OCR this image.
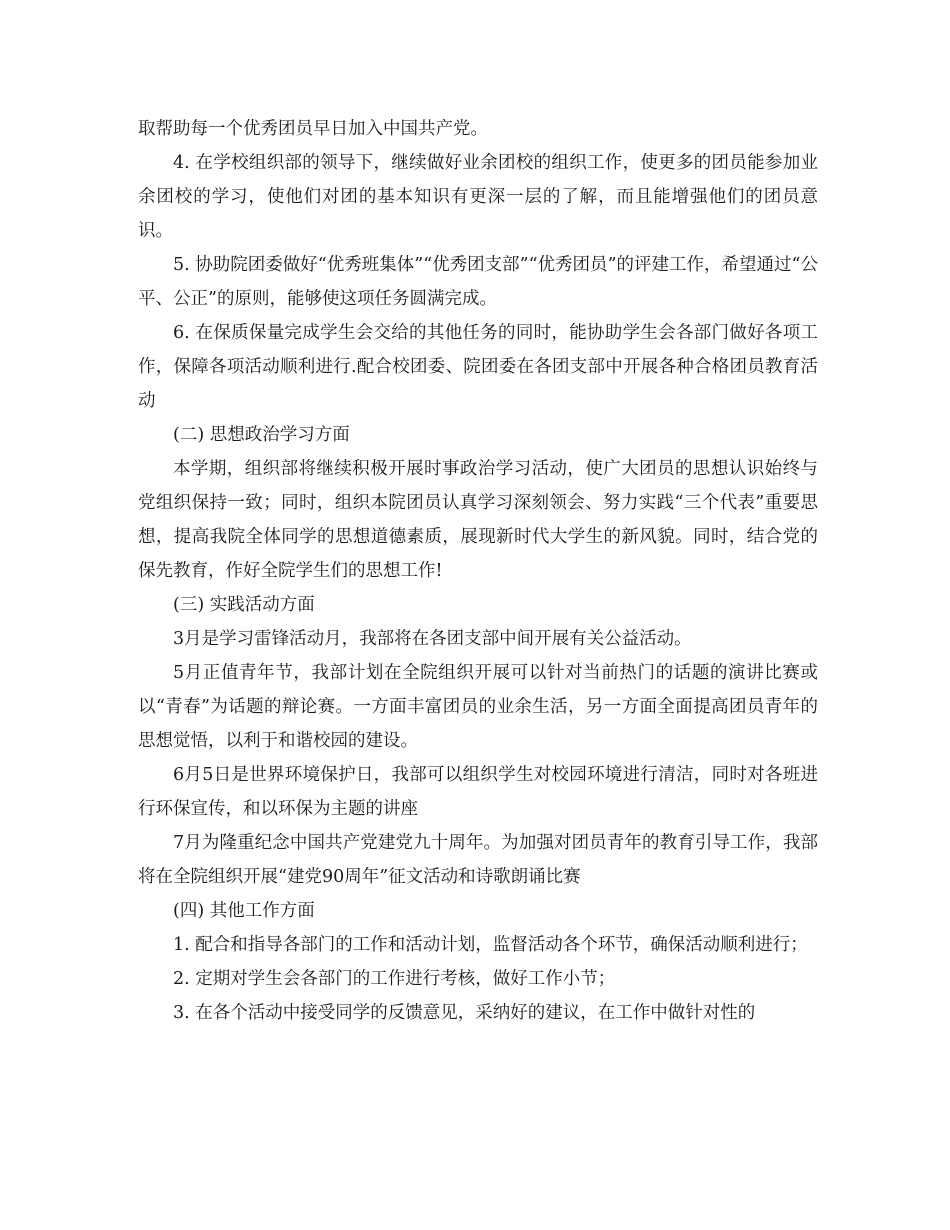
取帮助每一个优秀团员早日加入中国共产党。

4. 在学校组织部的领导下，继续做好业余团校的组织工作，使更多的团员能参加业余团校的学习，使他们对团的基本知识有更深一层的了解，而且能增强他们的团员意识。

5. 协助院团委做好“优秀班集体”“优秀团支部”“优秀团员”的评建工作，希望通过“公平、公正”的原则，能够使这项任务圆满完成。

6. 在保质保量完成学生会交给的其他任务的同时，能协助学生会各部门做好各项工作，保障各项活动顺利进行.配合校团委、院团委在各团支部中开展各种合格团员教育活动

(二) 思想政治学习方面

本学期，组织部将继续积极开展时事政治学习活动，使广大团员的思想认识始终与党组织保持一致；同时，组织本院团员认真学习深刻领会、努力实践“三个代表”重要思想，提高我院全体同学的思想道德素质，展现新时代大学生的新风貌。同时，结合党的保先教育，作好全院学生们的思想工作!

(三) 实践活动方面

3月是学习雷锋活动月，我部将在各团支部中间开展有关公益活动。

5月正值青年节，我部计划在全院组织开展可以针对当前热门的话题的演讲比赛或以“青春”为话题的辩论赛。一方面丰富团员的业余生活，另一方面全面提高团员青年的思想觉悟，以利于和谐校园的建设。

6月5日是世界环境保护日，我部可以组织学生对校园环境进行清洁，同时对各班进行环保宣传，和以环保为主题的讲座

7月为隆重纪念中国共产党建党九十周年。为加强对团员青年的教育引导工作，我部将在全院组织开展“建党90周年”征文活动和诗歌朗诵比赛

(四) 其他工作方面

1. 配合和指导各部门的工作和活动计划，监督活动各个环节，确保活动顺利进行；

2. 定期对学生会各部门的工作进行考核，做好工作小节；

3. 在各个活动中接受同学的反馈意见，采纳好的建议，在工作中做针对性的
